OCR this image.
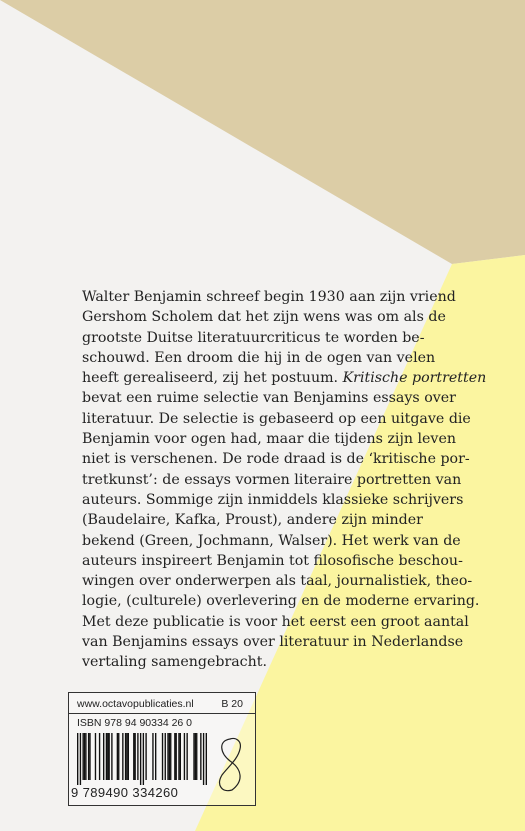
Walter Benjamin schreef begin 1930 aan zijn vriend
Gershom Scholem dat het zijn wens was om als de
grootste Duitse literatuurcriticus te worden be-
schouwd. Een droom die hij in de ogen van velen
heeft gerealiseerd, zij het postuum. Kritische portretten
bevat een ruime selectie van Benjamins essays over
literatuur. De selectie is gebaseerd op een uitgave die
Benjamin voor ogen had, maar die tijdens zijn leven
niet is verschenen. De rode draad is de ‘kritische por-
tretkunst’: de essays vormen literaire portretten van
auteurs. Sommige zijn inmiddels klassieke schrijvers
(Baudelaire, Kafka, Proust), andere zijn minder
bekend (Green, Jochmann, Walser). Het werk van de
auteurs inspireert Benjamin tot filosofische beschou-
wingen over onderwerpen als taal, journalistiek, theo-
logie, (culturele) overlevering en de moderne ervaring.
Met deze publicatie is voor het eerst een groot aantal
van Benjamins essays over literatuur in Nederlandse
vertaling samengebracht.
www.octavopublicaties.nl	B 20
ISBN 978 94 90334 26 0
9 789490 334260
